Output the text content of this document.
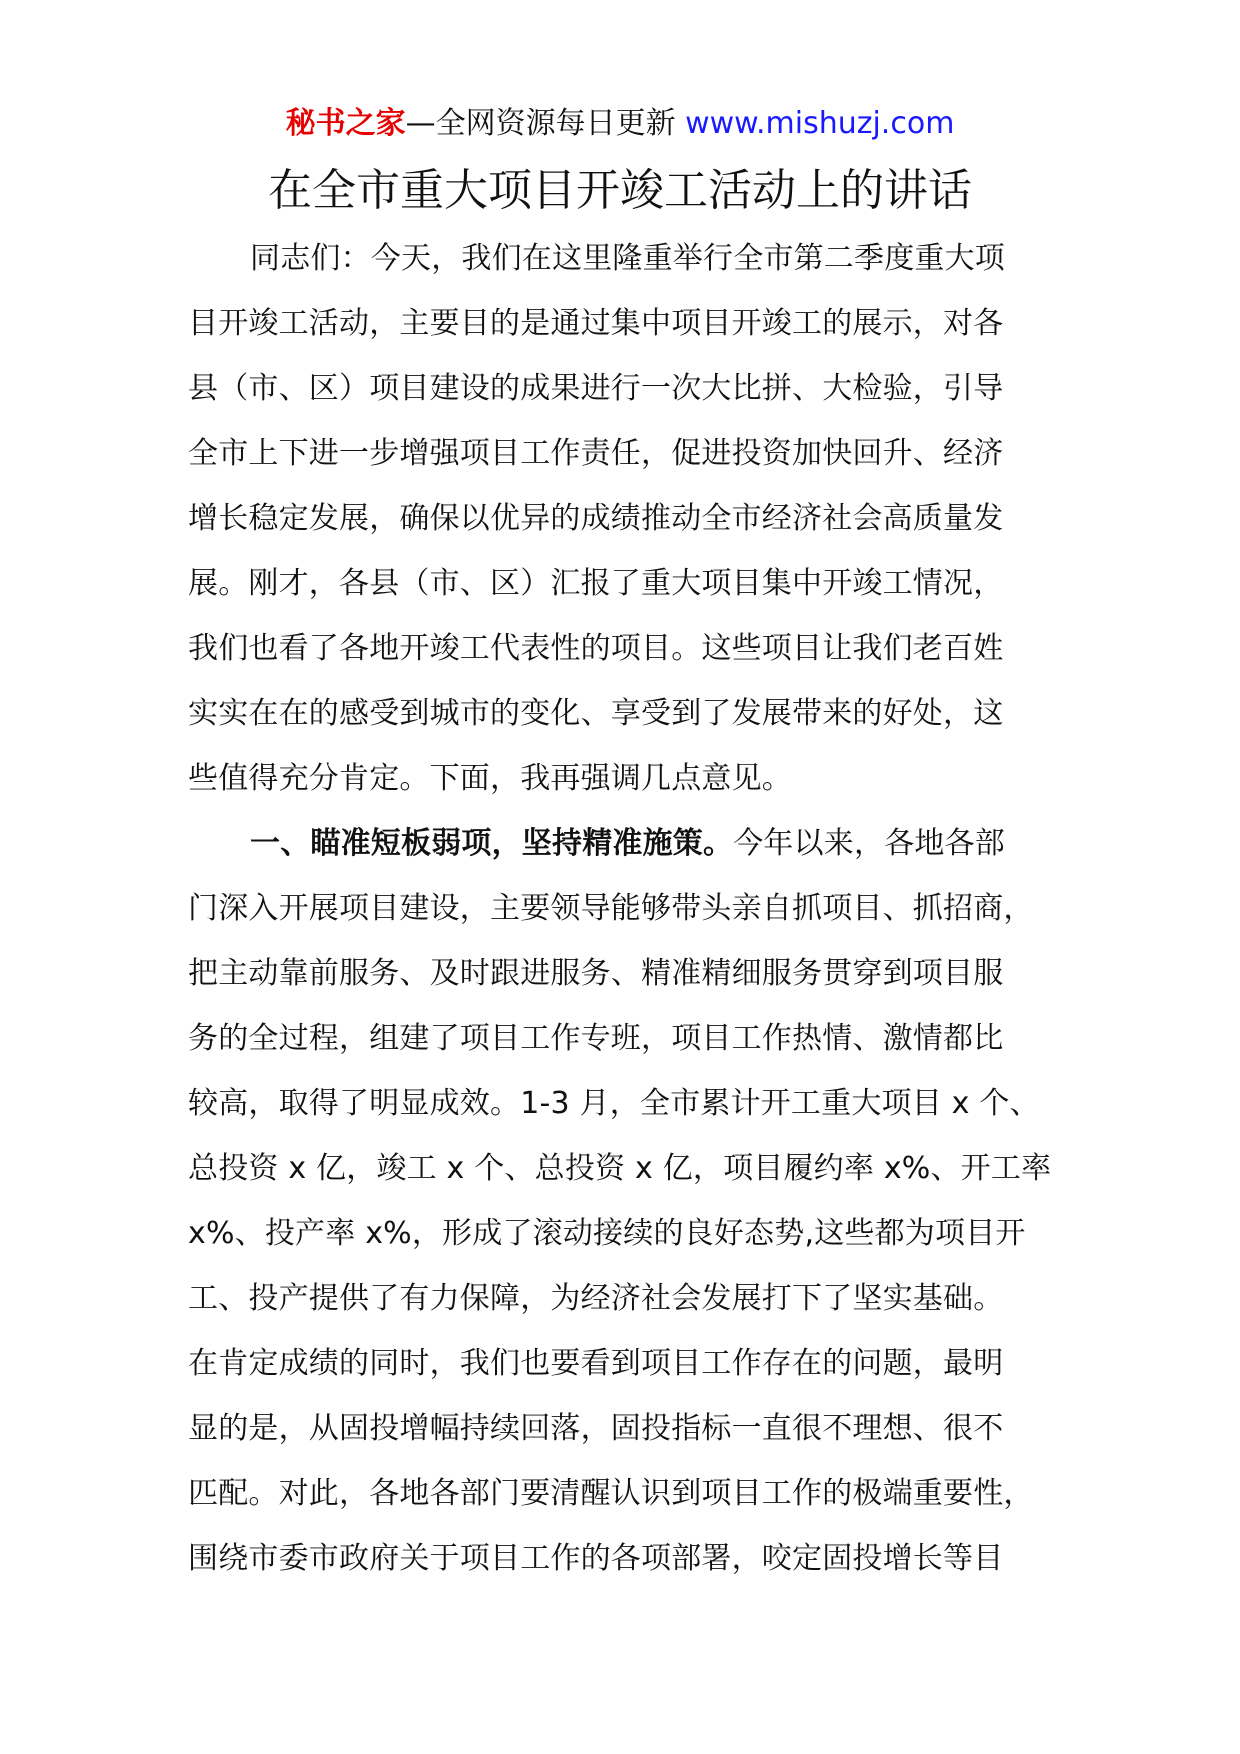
秘书之家—全网资源每日更新 www.mishuzj.com
在全市重大项目开竣工活动上的讲话
同志们：今天，我们在这里隆重举行全市第二季度重大项
目开竣工活动，主要目的是通过集中项目开竣工的展示，对各
县（市、区）项目建设的成果进行一次大比拼、大检验，引导
全市上下进一步增强项目工作责任，促进投资加快回升、经济
增长稳定发展，确保以优异的成绩推动全市经济社会高质量发
展。刚才，各县（市、区）汇报了重大项目集中开竣工情况，
我们也看了各地开竣工代表性的项目。这些项目让我们老百姓
实实在在的感受到城市的变化、享受到了发展带来的好处，这
些值得充分肯定。下面，我再强调几点意见。
一、瞄准短板弱项，坚持精准施策。今年以来，各地各部
门深入开展项目建设，主要领导能够带头亲自抓项目、抓招商，
把主动靠前服务、及时跟进服务、精准精细服务贯穿到项目服
务的全过程，组建了项目工作专班，项目工作热情、激情都比
较高，取得了明显成效。1-3 月，全市累计开工重大项目 x 个、
总投资 x 亿，竣工 x 个、总投资 x 亿，项目履约率 x%、开工率
x%、投产率 x%，形成了滚动接续的良好态势,这些都为项目开
工、投产提供了有力保障，为经济社会发展打下了坚实基础。
在肯定成绩的同时，我们也要看到项目工作存在的问题，最明
显的是，从固投增幅持续回落，固投指标一直很不理想、很不
匹配。对此，各地各部门要清醒认识到项目工作的极端重要性，
围绕市委市政府关于项目工作的各项部署，咬定固投增长等目
